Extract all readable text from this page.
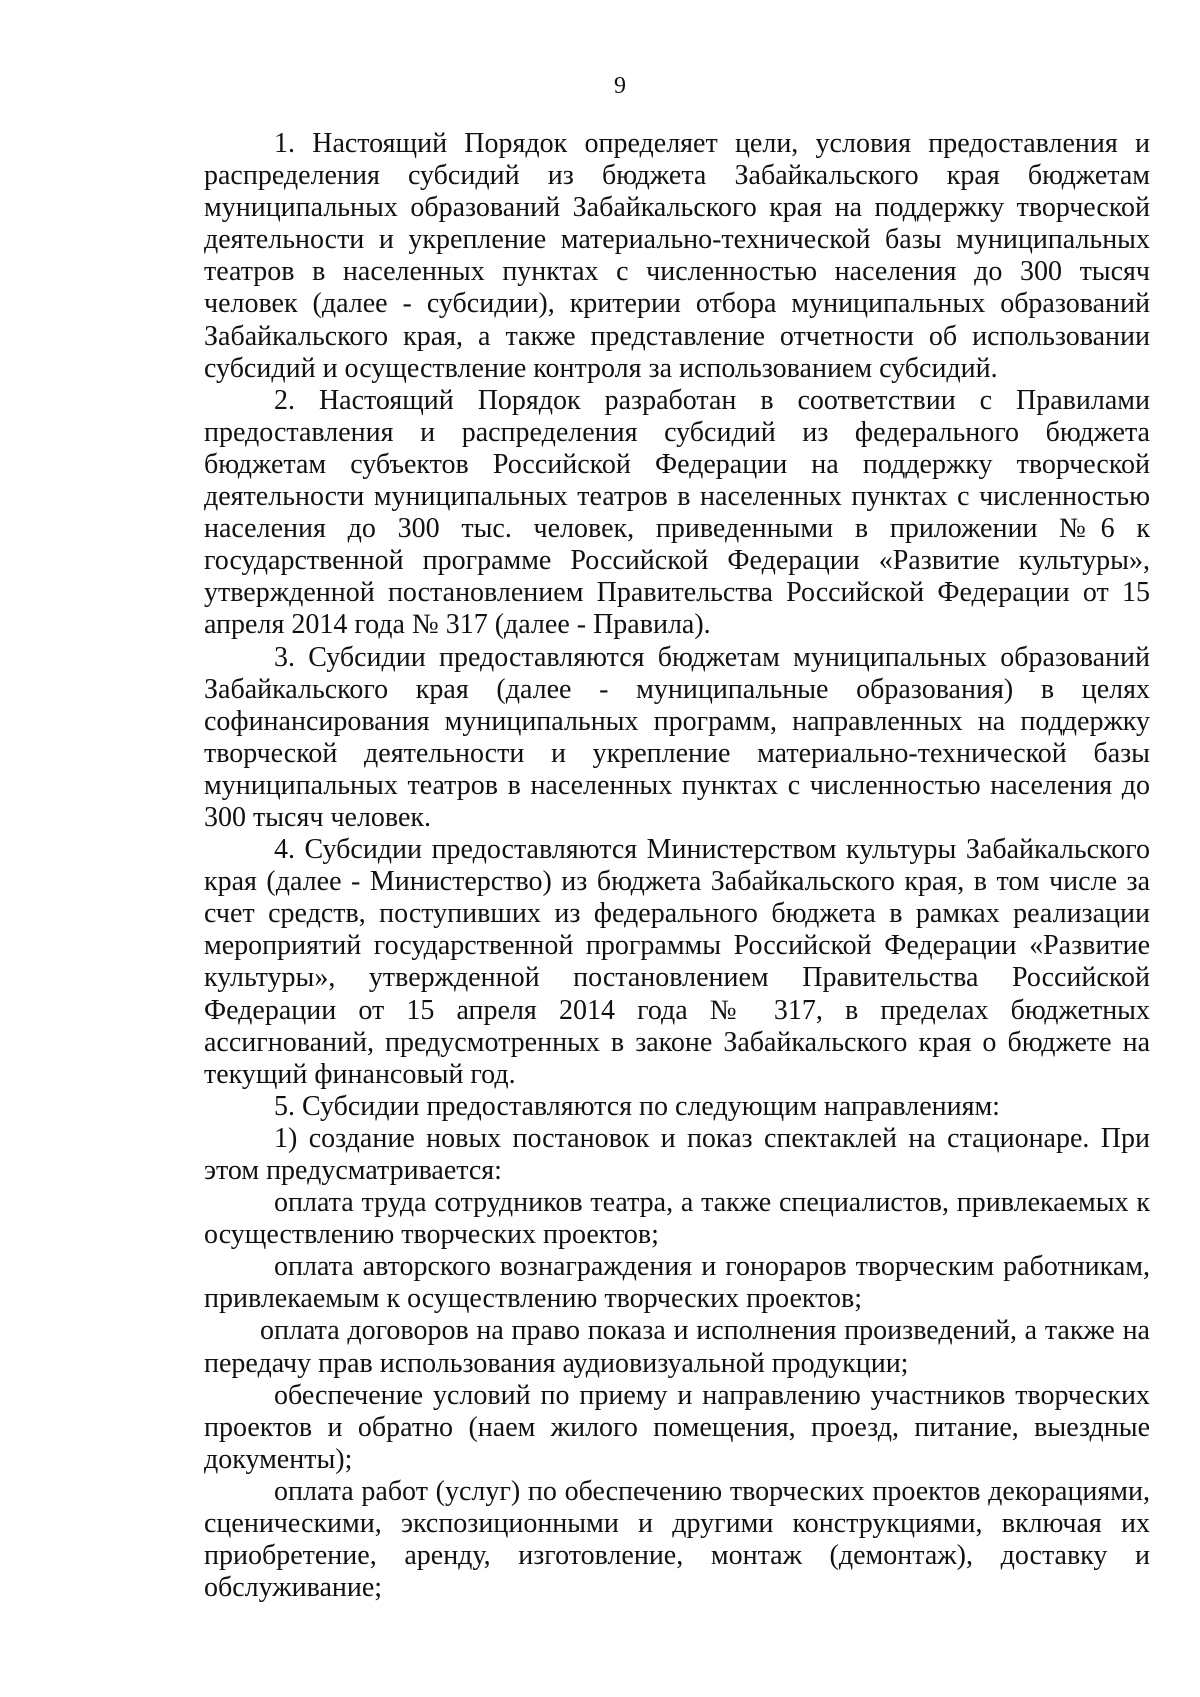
9

1. Настоящий Порядок определяет цели, условия предоставления и распределения субсидий из бюджета Забайкальского края бюджетам муниципальных образований Забайкальского края на поддержку творческой деятельности и укрепление материально-технической базы муниципальных театров в населенных пунктах с численностью населения до 300 тысяч человек (далее - субсидии), критерии отбора муниципальных образований Забайкальского края, а также представление отчетности об использовании субсидий и осуществление контроля за использованием субсидий.

2. Настоящий Порядок разработан в соответствии с Правилами предоставления и распределения субсидий из федерального бюджета бюджетам субъектов Российской Федерации на поддержку творческой деятельности муниципальных театров в населенных пунктах с численностью населения до 300 тыс. человек, приведенными в приложении №6 к государственной программе Российской Федерации «Развитие культуры», утвержденной постановлением Правительства Российской Федерации от 15 апреля 2014 года № 317 (далее - Правила).

3. Субсидии предоставляются бюджетам муниципальных образований Забайкальского края (далее - муниципальные образования) в целях софинансирования муниципальных программ, направленных на поддержку творческой деятельности и укрепление материально-технической базы муниципальных театров в населенных пунктах с численностью населения до 300 тысяч человек.

4. Субсидии предоставляются Министерством культуры Забайкальского края (далее - Министерство) из бюджета Забайкальского края, в том числе за счет средств, поступивших из федерального бюджета в рамках реализации мероприятий государственной программы Российской Федерации «Развитие культуры», утвержденной постановлением Правительства Российской Федерации от 15 апреля 2014 года № 317, в пределах бюджетных ассигнований, предусмотренных в законе Забайкальского края о бюджете на текущий финансовый год.

5. Субсидии предоставляются по следующим направлениям:

1) создание новых постановок и показ спектаклей на стационаре. При этом предусматривается:

оплата труда сотрудников театра, а также специалистов, привлекаемых к осуществлению творческих проектов;

оплата авторского вознаграждения и гонораров творческим работникам, привлекаемым к осуществлению творческих проектов;

оплата договоров на право показа и исполнения произведений, а также на передачу прав использования аудиовизуальной продукции;

обеспечение условий по приему и направлению участников творческих проектов и обратно (наем жилого помещения, проезд, питание, выездные документы);

оплата работ (услуг) по обеспечению творческих проектов декорациями, сценическими, экспозиционными и другими конструкциями, включая их приобретение, аренду, изготовление, монтаж (демонтаж), доставку и обслуживание;
